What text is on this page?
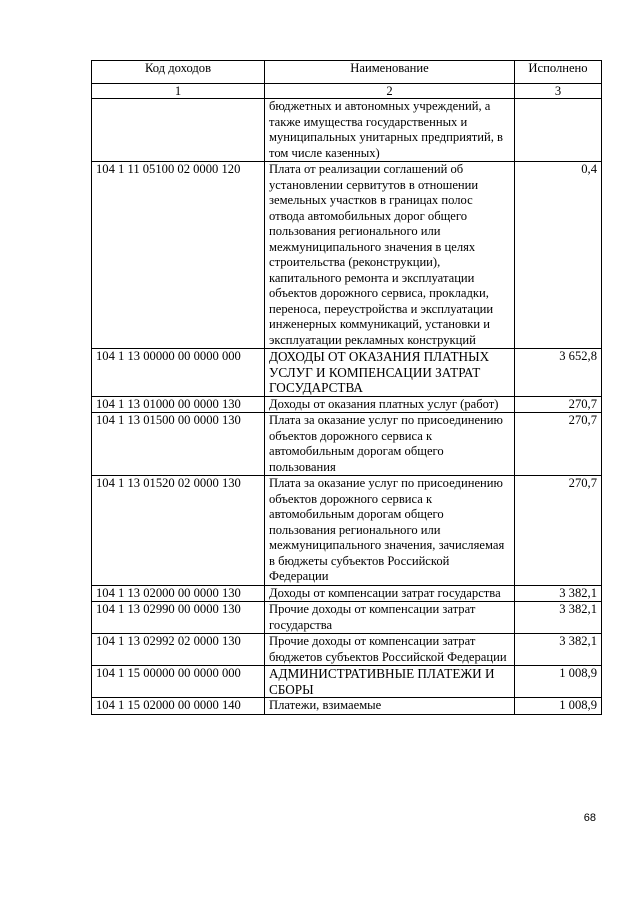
Код доходов	Наименование	Исполнено
1	2	3
	бюджетных и автономных учреждений, а также имущества государственных и муниципальных унитарных предприятий, в том числе казенных)	
104 1 11 05100 02 0000 120	Плата от реализации соглашений об установлении сервитутов в отношении земельных участков в границах полос отвода автомобильных дорог общего пользования регионального или межмуниципального значения в целях строительства (реконструкции), капитального ремонта и эксплуатации объектов дорожного сервиса, прокладки, переноса, переустройства и эксплуатации инженерных коммуникаций, установки и эксплуатации рекламных конструкций	0,4
104 1 13 00000 00 0000 000	ДОХОДЫ ОТ ОКАЗАНИЯ ПЛАТНЫХ УСЛУГ И КОМПЕНСАЦИИ ЗАТРАТ ГОСУДАРСТВА	3 652,8
104 1 13 01000 00 0000 130	Доходы от оказания платных услуг (работ)	270,7
104 1 13 01500 00 0000 130	Плата за оказание услуг по присоединению объектов дорожного сервиса к автомобильным дорогам общего пользования	270,7
104 1 13 01520 02 0000 130	Плата за оказание услуг по присоединению объектов дорожного сервиса к автомобильным дорогам общего пользования регионального или межмуниципального значения, зачисляемая в бюджеты субъектов Российской Федерации	270,7
104 1 13 02000 00 0000 130	Доходы от компенсации затрат государства	3 382,1
104 1 13 02990 00 0000 130	Прочие доходы от компенсации затрат государства	3 382,1
104 1 13 02992 02 0000 130	Прочие доходы от компенсации затрат бюджетов субъектов Российской Федерации	3 382,1
104 1 15 00000 00 0000 000	АДМИНИСТРАТИВНЫЕ ПЛАТЕЖИ И СБОРЫ	1 008,9
104 1 15 02000 00 0000 140	Платежи, взимаемые	1 008,9
68
